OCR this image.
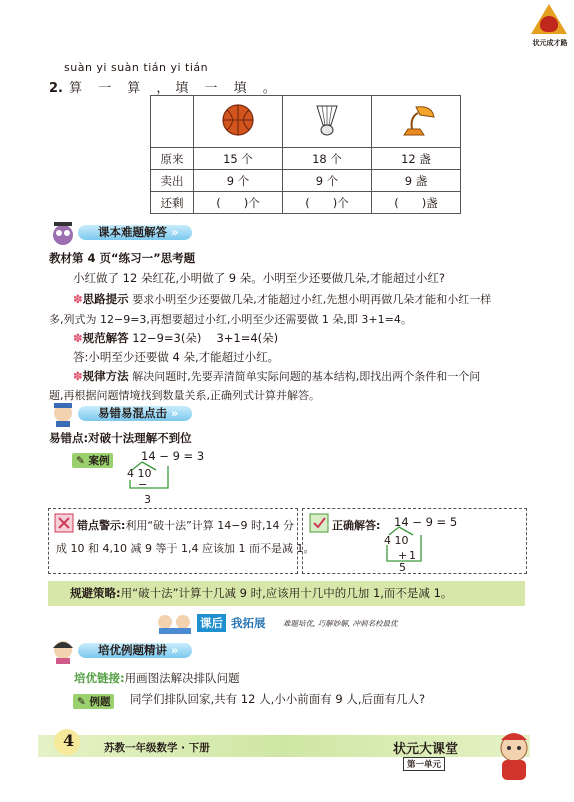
状元成才路
suàn yi suàn tián yi tián
2. 算 一 算 ，填 一 填 。

原来	15 个	18 个	12 盏
卖出	9 个	9 个	9 盏
还剩	(　　)个	(　　)个	(　　)盏
课本难题解答 »
教材第 4 页“练习一”思考题
小红做了 12 朵红花,小明做了 9 朵。小明至少还要做几朵,才能超过小红?
✽思路提示 要求小明至少还要做几朵,才能超过小红,先想小明再做几朵才能和小红一样
多,列式为 12−9=3,再想要超过小红,小明至少还需要做 1 朵,即 3+1=4。
✽规范解答 12−9=3(朵)　 3+1=4(朵)
答:小明至少还要做 4 朵,才能超过小红。
✽规律方法 解决问题时,先要弄清简单实际问题的基本结构,即找出两个条件和一个问
题,再根据问题情境找到数量关系,正确列式计算并解答。
易错易混点击 »
易错点:对破十法理解不到位
✎ 案例	14 − 9 = 3
4 10
−
3
错点警示:利用“破十法”计算 14−9 时,14 分
成 10 和 4,10 减 9 等于 1,4 应该加 1 而不是减 1。
正确解答: 14 − 9 = 5
4 10
+ 1
5
规避策略:用“破十法”计算十几减 9 时,应该用十几中的几加 1,而不是减 1。
课后 我拓展 难题培优, 巧解妙解, 冲刺名校最优
培优例题精讲 »
培优链接:用画图法解决排队问题
✎ 例题	同学们排队回家,共有 12 人,小小前面有 9 人,后面有几人?
4	苏教一年级数学 · 下册	状元大课堂
第一单元
